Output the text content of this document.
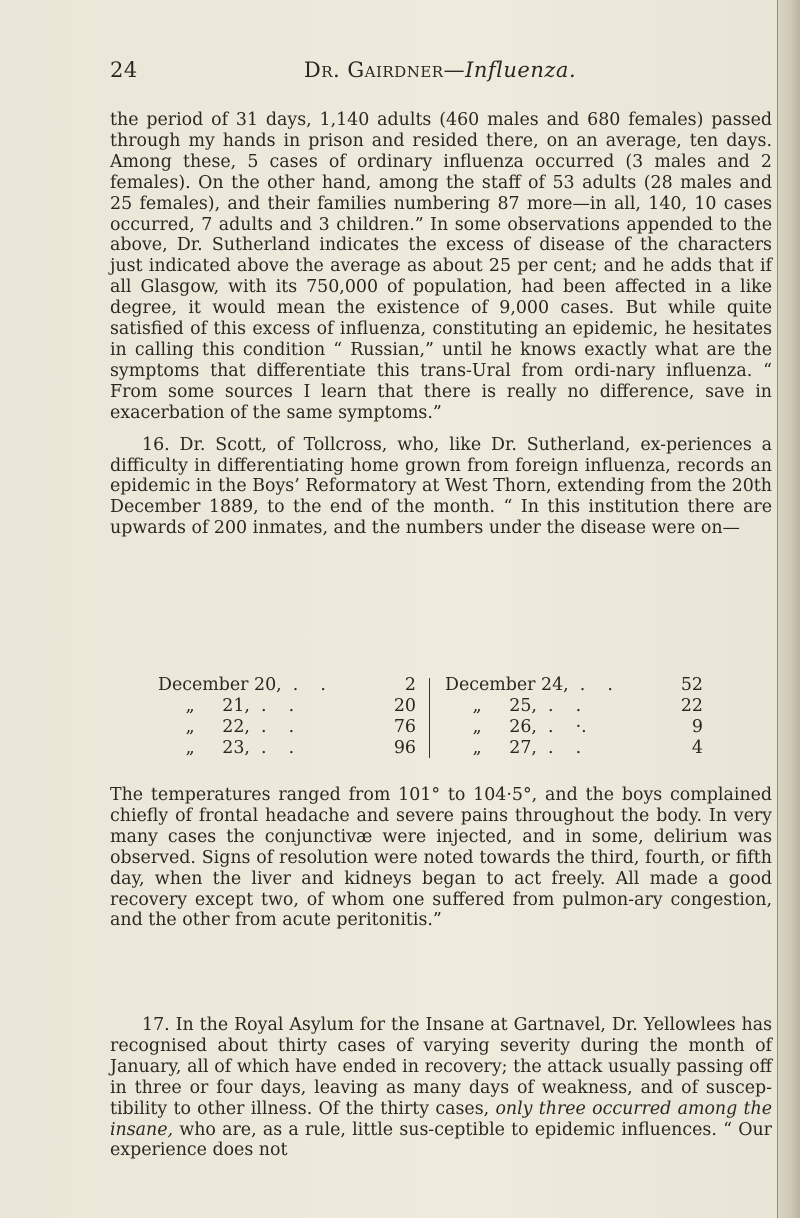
24	Dr. Gairdner—Influenza.

the period of 31 days, 1,140 adults (460 males and 680 females) passed through my hands in prison and resided there, on an average, ten days. Among these, 5 cases of ordinary influenza occurred (3 males and 2 females). On the other hand, among the staff of 53 adults (28 males and 25 females), and their families numbering 87 more—in all, 140, 10 cases occurred, 7 adults and 3 children.” In some observations appended to the above, Dr. Sutherland indicates the excess of disease of the characters just indicated above the average as about 25 per cent; and he adds that if all Glasgow, with its 750,000 of population, had been affected in a like degree, it would mean the existence of 9,000 cases. But while quite satisfied of this excess of influenza, constituting an epidemic, he hesitates in calling this condition “ Russian,” until he knows exactly what are the symptoms that differentiate this trans-Ural from ordi-nary influenza. “ From some sources I learn that there is really no difference, save in exacerbation of the same symptoms.”

16. Dr. Scott, of Tollcross, who, like Dr. Sutherland, ex-periences a difficulty in differentiating home grown from foreign influenza, records an epidemic in the Boys’ Reformatory at West Thorn, extending from the 20th December 1889, to the end of the month. “ In this institution there are upwards of 200 inmates, and the numbers under the disease were on—

December 20,  .    .	2
„     21,  .    .	20
„     22,  .    .	76
„     23,  .    .	96
December 24,  .    .	52
„     25,  .    .	22
„     26,  .    ·.	9
„     27,  .    .	4

The temperatures ranged from 101° to 104·5°, and the boys complained chiefly of frontal headache and severe pains throughout the body. In very many cases the conjunctivæ were injected, and in some, delirium was observed. Signs of resolution were noted towards the third, fourth, or fifth day, when the liver and kidneys began to act freely. All made a good recovery except two, of whom one suffered from pulmon-ary congestion, and the other from acute peritonitis.”

17. In the Royal Asylum for the Insane at Gartnavel, Dr. Yellowlees has recognised about thirty cases of varying severity during the month of January, all of which have ended in recovery; the attack usually passing off in three or four days, leaving as many days of weakness, and of suscep-tibility to other illness. Of the thirty cases, only three occurred among the insane, who are, as a rule, little sus-ceptible to epidemic influences. “ Our experience does not
